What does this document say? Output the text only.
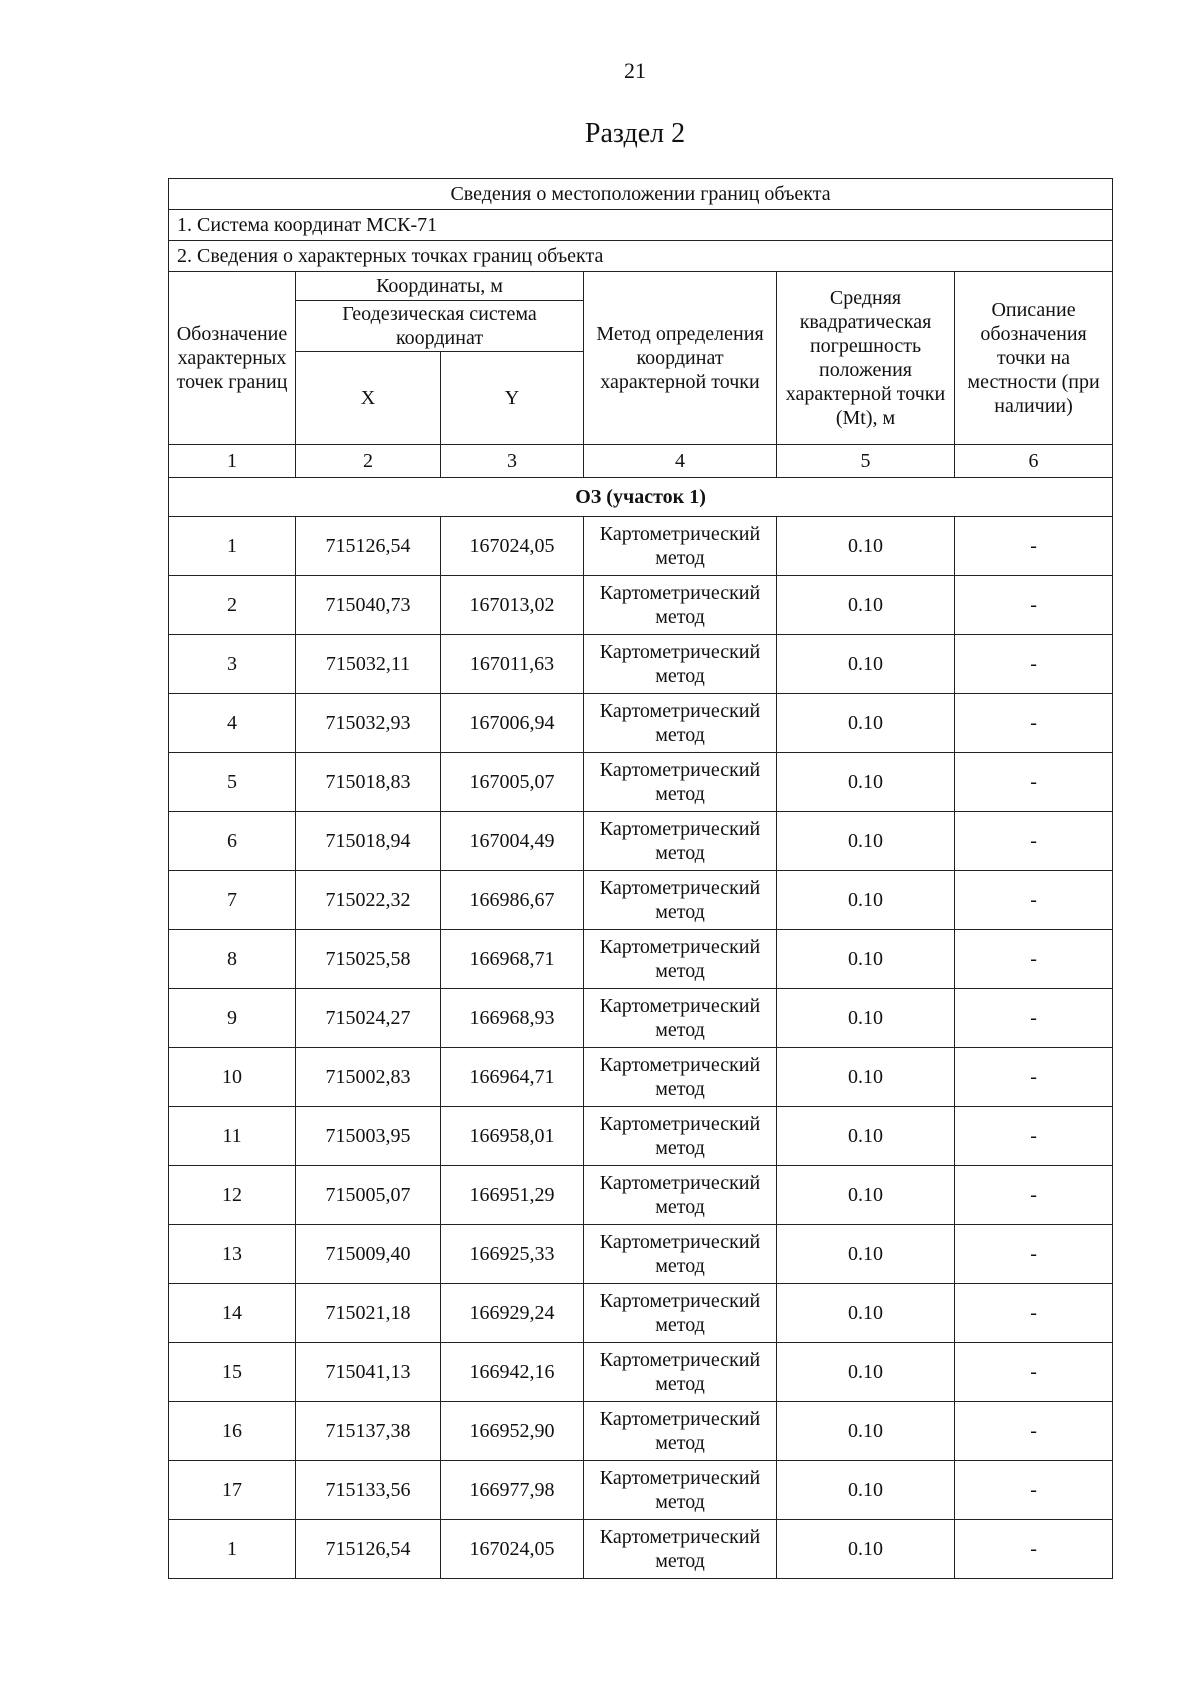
21
Раздел 2
Сведения о местоположении границ объекта					
1. Система координат МСК-71					
2. Сведения о характерных точках границ объекта					
Обозначение характерных точек границ	Координаты, м		Метод определения координат характерной точки	Средняя квадратическая погрешность положения характерной точки (Mt), м	Описание обозначения точки на местности (при наличии)
	Геодезическая система координат				
	X	Y			
1	2	3	4	5	6
ОЗ (участок 1)					
1	715126,54	167024,05	Картометрический метод	0.10	-
2	715040,73	167013,02	Картометрический метод	0.10	-
3	715032,11	167011,63	Картометрический метод	0.10	-
4	715032,93	167006,94	Картометрический метод	0.10	-
5	715018,83	167005,07	Картометрический метод	0.10	-
6	715018,94	167004,49	Картометрический метод	0.10	-
7	715022,32	166986,67	Картометрический метод	0.10	-
8	715025,58	166968,71	Картометрический метод	0.10	-
9	715024,27	166968,93	Картометрический метод	0.10	-
10	715002,83	166964,71	Картометрический метод	0.10	-
11	715003,95	166958,01	Картометрический метод	0.10	-
12	715005,07	166951,29	Картометрический метод	0.10	-
13	715009,40	166925,33	Картометрический метод	0.10	-
14	715021,18	166929,24	Картометрический метод	0.10	-
15	715041,13	166942,16	Картометрический метод	0.10	-
16	715137,38	166952,90	Картометрический метод	0.10	-
17	715133,56	166977,98	Картометрический метод	0.10	-
1	715126,54	167024,05	Картометрический метод	0.10	-
